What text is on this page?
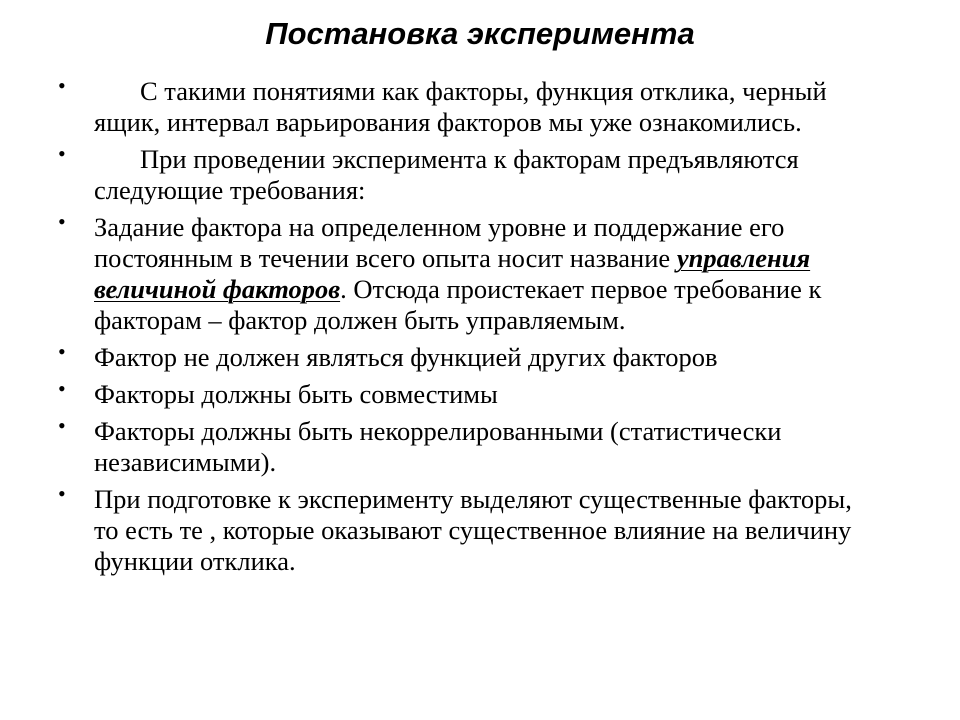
Постановка эксперимента
•	С такими понятиями как факторы, функция отклика, черный ящик, интервал варьирования факторов мы уже ознакомились.
•	При проведении эксперимента к факторам предъявляются следующие требования:
• Задание фактора на определенном уровне и поддержание его постоянным в течении всего опыта носит название управления величиной факторов. Отсюда проистекает первое требование к факторам – фактор должен быть управляемым.
• Фактор не должен являться функцией других факторов
• Факторы должны быть совместимы
• Факторы должны быть некоррелированными (статистически независимыми).
• При подготовке к эксперименту выделяют существенные факторы, то есть те , которые оказывают существенное влияние на величину функции отклика.
